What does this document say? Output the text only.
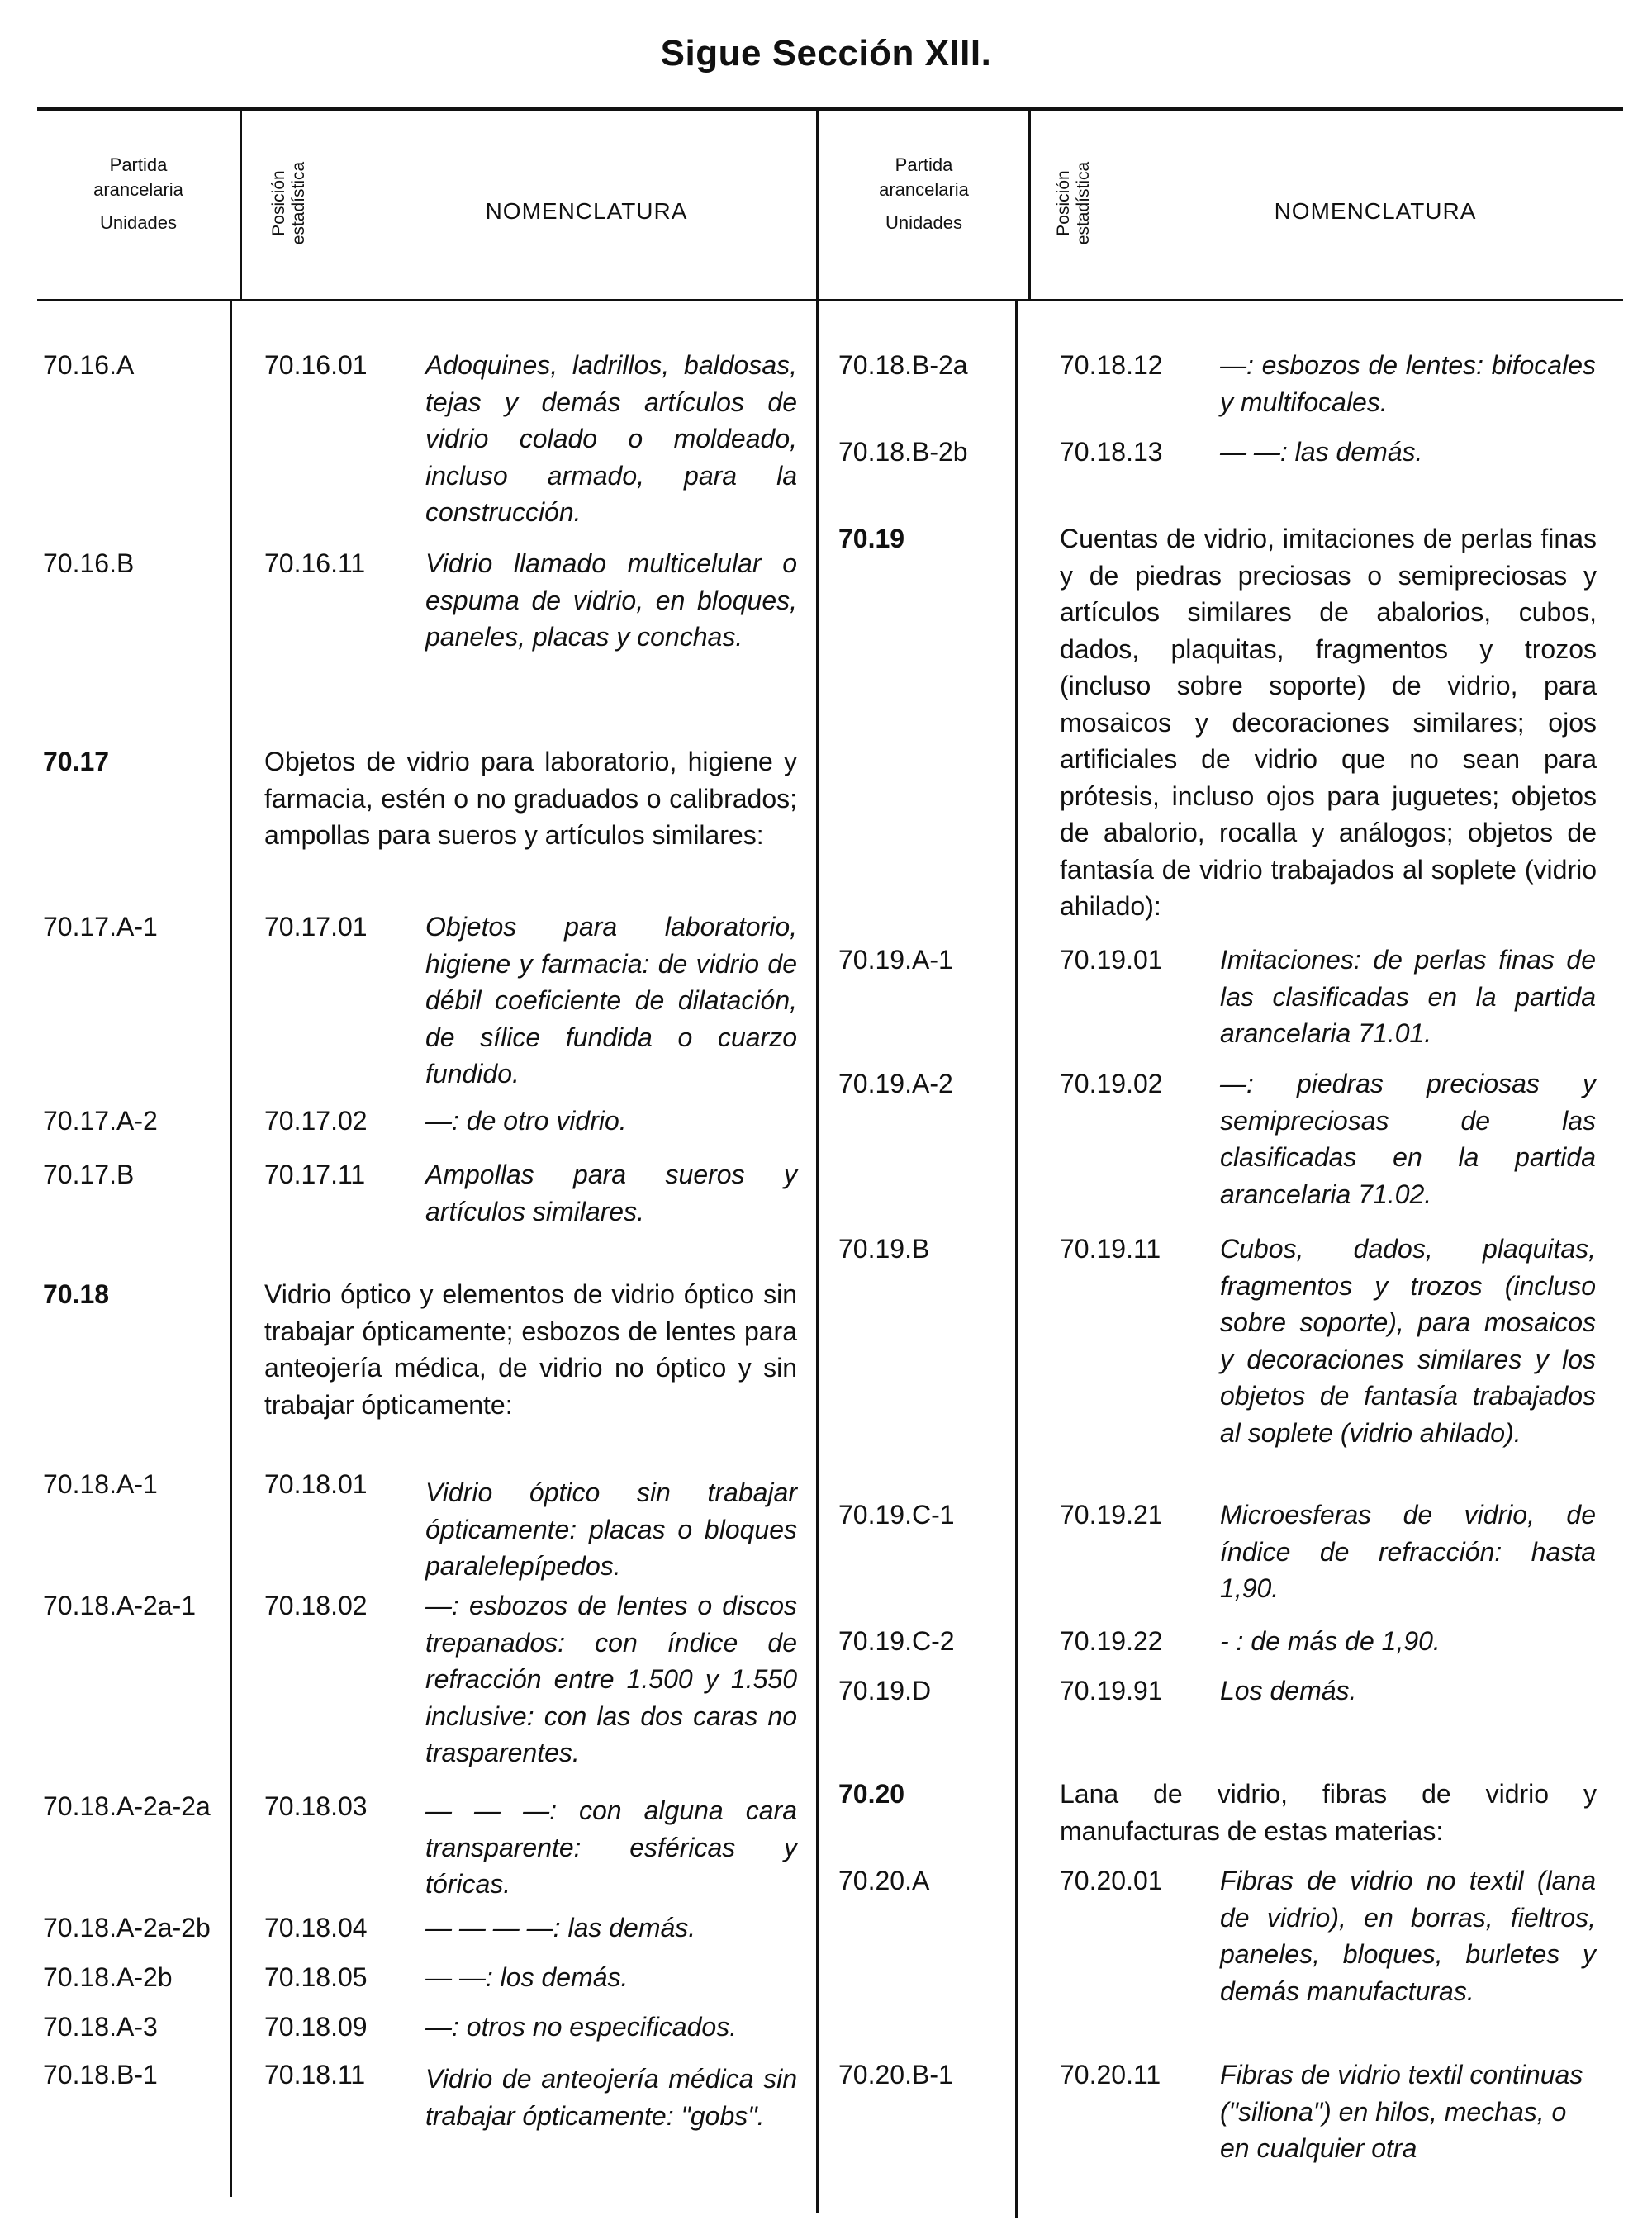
Sigue Sección XIII.
Partida
arancelaria
Unidades	Posición estadística	NOMENCLATURA
Partida
arancelaria
Unidades	Posición estadística	NOMENCLATURA
70.16.A	70.16.01 Adoquines, ladrillos, baldosas, tejas y demás artículos de vidrio colado o moldeado, incluso armado, para la construcción.
70.16.B	70.16.11 Vidrio llamado multicelular o espuma de vidrio, en bloques, paneles, placas y conchas.
70.17	Objetos de vidrio para laboratorio, higiene y farmacia, estén o no graduados o calibrados; ampollas para sueros y artículos similares:
70.17.A-1	70.17.01 Objetos para laboratorio, higiene y farmacia: de vidrio de débil coeficiente de dilatación, de sílice fundida o cuarzo fundido.
70.17.A-2	70.17.02 —: de otro vidrio.
70.17.B	70.17.11 Ampollas para sueros y artículos similares.
70.18	Vidrio óptico y elementos de vidrio óptico sin trabajar ópticamente; esbozos de lentes para anteojería médica, de vidrio no óptico y sin trabajar ópticamente:
70.18.A-1	70.18.01 Vidrio óptico sin trabajar ópticamente: placas o bloques paralelepípedos.
70.18.A-2a-1	70.18.02 —: esbozos de lentes o discos trepanados: con índice de refracción entre 1.500 y 1.550 inclusive: con las dos caras no trasparentes.
70.18.A-2a-2a 70.18.03 — — —: con alguna cara transparente: esféricas y tóricas.
70.18.A-2a-2b 70.18.04 — — — —: las demás.
70.18.A-2b	70.18.05 — —: los demás.
70.18.A-3	70.18.09 —: otros no especificados.
70.18.B-1	70.18.11 Vidrio de anteojería médica sin trabajar ópticamente: "gobs".
70.18.B-2a	70.18.12 —: esbozos de lentes: bifocales y multifocales.
70.18.B-2b	70.18.13 — —: las demás.
70.19	Cuentas de vidrio, imitaciones de perlas finas y de piedras preciosas o semipreciosas y artículos similares de abalorios, cubos, dados, plaquitas, fragmentos y trozos (incluso sobre soporte) de vidrio, para mosaicos y decoraciones similares; ojos artificiales de vidrio que no sean para prótesis, incluso ojos para juguetes; objetos de abalorio, rocalla y análogos; objetos de fantasía de vidrio trabajados al soplete (vidrio ahilado):
70.19.A-1	70.19.01 Imitaciones: de perlas finas de las clasificadas en la partida arancelaria 71.01.
70.19.A-2	70.19.02 —: piedras preciosas y semipreciosas de las clasificadas en la partida arancelaria 71.02.
70.19.B	70.19.11 Cubos, dados, plaquitas, fragmentos y trozos (incluso sobre soporte), para mosaicos y decoraciones similares y los objetos de fantasía trabajados al soplete (vidrio ahilado).
70.19.C-1	70.19.21 Microesferas de vidrio, de índice de refracción: hasta 1,90.
70.19.C-2	70.19.22 - : de más de 1,90.
70.19.D	70.19.91 Los demás.
70.20	Lana de vidrio, fibras de vidrio y manufacturas de estas materias:
70.20.A	70.20.01 Fibras de vidrio no textil (lana de vidrio), en borras, fieltros, paneles, bloques, burletes y demás manufacturas.
70.20.B-1	70.20.11 Fibras de vidrio textil continuas ("siliona") en hilos, mechas, o en cualquier otra
